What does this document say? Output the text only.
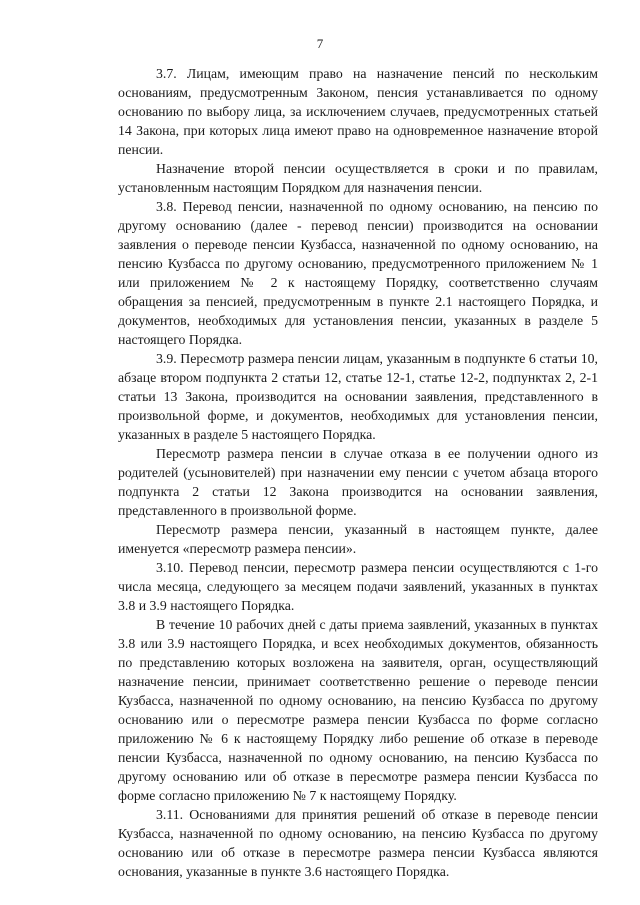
7

3.7. Лицам, имеющим право на назначение пенсий по нескольким основаниям, предусмотренным Законом, пенсия устанавливается по одному основанию по выбору лица, за исключением случаев, предусмотренных статьей 14 Закона, при которых лица имеют право на одновременное назначение второй пенсии.

Назначение второй пенсии осуществляется в сроки и по правилам, установленным настоящим Порядком для назначения пенсии.

3.8. Перевод пенсии, назначенной по одному основанию, на пенсию по другому основанию (далее - перевод пенсии) производится на основании заявления о переводе пенсии Кузбасса, назначенной по одному основанию, на пенсию Кузбасса по другому основанию, предусмотренного приложением № 1 или приложением № 2 к настоящему Порядку, соответственно случаям обращения за пенсией, предусмотренным в пункте 2.1 настоящего Порядка, и документов, необходимых для установления пенсии, указанных в разделе 5 настоящего Порядка.

3.9. Пересмотр размера пенсии лицам, указанным в подпункте 6 статьи 10, абзаце втором подпункта 2 статьи 12, статье 12-1, статье 12-2, подпунктах 2, 2-1 статьи 13 Закона, производится на основании заявления, представленного в произвольной форме, и документов, необходимых для установления пенсии, указанных в разделе 5 настоящего Порядка.

Пересмотр размера пенсии в случае отказа в ее получении одного из родителей (усыновителей) при назначении ему пенсии с учетом абзаца второго подпункта 2 статьи 12 Закона производится на основании заявления, представленного в произвольной форме.

Пересмотр размера пенсии, указанный в настоящем пункте, далее именуется «пересмотр размера пенсии».

3.10. Перевод пенсии, пересмотр размера пенсии осуществляются с 1-го числа месяца, следующего за месяцем подачи заявлений, указанных в пунктах 3.8 и 3.9 настоящего Порядка.

В течение 10 рабочих дней с даты приема заявлений, указанных в пунктах 3.8 или 3.9 настоящего Порядка, и всех необходимых документов, обязанность по представлению которых возложена на заявителя, орган, осуществляющий назначение пенсии, принимает соответственно решение о переводе пенсии Кузбасса, назначенной по одному основанию, на пенсию Кузбасса по другому основанию или о пересмотре размера пенсии Кузбасса по форме согласно приложению № 6 к настоящему Порядку либо решение об отказе в переводе пенсии Кузбасса, назначенной по одному основанию, на пенсию Кузбасса по другому основанию или об отказе в пересмотре размера пенсии Кузбасса по форме согласно приложению № 7 к настоящему Порядку.

3.11. Основаниями для принятия решений об отказе в переводе пенсии Кузбасса, назначенной по одному основанию, на пенсию Кузбасса по другому основанию или об отказе в пересмотре размера пенсии Кузбасса являются основания, указанные в пункте 3.6 настоящего Порядка.
